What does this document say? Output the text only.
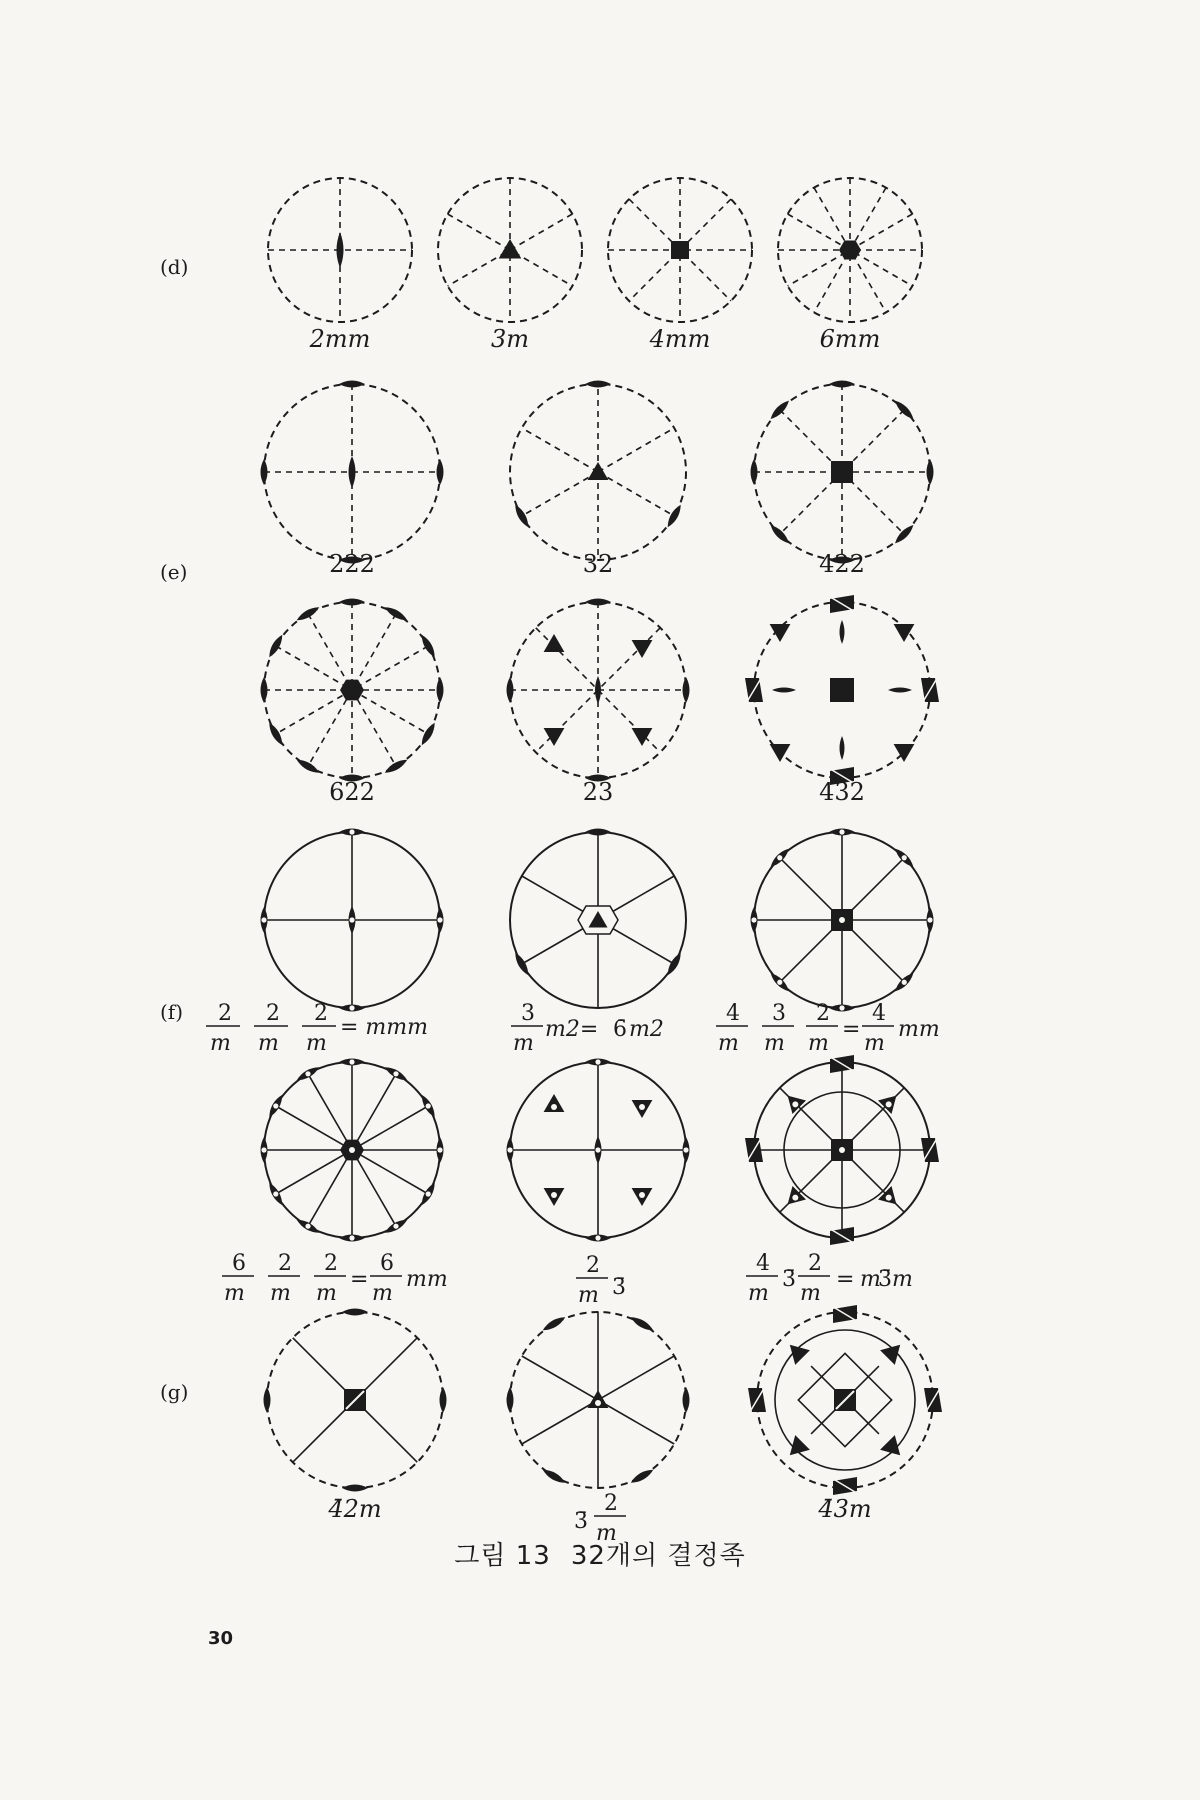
(d)
(e)
(f)
(g)
2mm	3m	4mm	6mm
222	32	422
622	23	432
4̄2m	4̄3m
2
m
2
m
2
m
= mmm
3
m
m2= 6̄ m2
4
m
3
m
2
m
=
4
m
mm
6
m
2
m
2
m
=
6
m
mm
2
m 3̄
4
m
3̄
2
m
= m
3̄ m
3̄
2
m
그림 13 32개의 결정족
30
